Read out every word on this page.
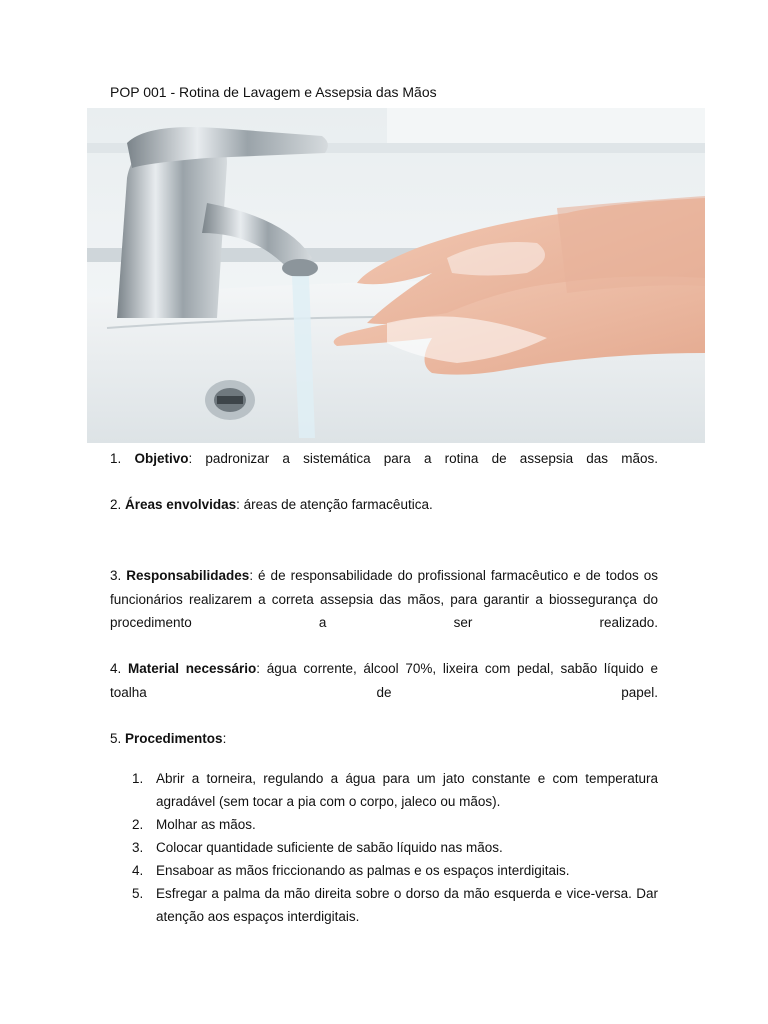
POP 001 - Rotina de Lavagem e Assepsia das Mãos
1. Objetivo: padronizar a sistemática para a rotina de assepsia das mãos.
2. Áreas envolvidas: áreas de atenção farmacêutica.
3. Responsabilidades: é de responsabilidade do profissional farmacêutico e de todos os funcionários realizarem a correta assepsia das mãos, para garantir a biossegurança do procedimento a ser realizado.
4. Material necessário: água corrente, álcool 70%, lixeira com pedal, sabão líquido e toalha de papel.
5. Procedimentos:
1. Abrir a torneira, regulando a água para um jato constante e com temperatura agradável (sem tocar a pia com o corpo, jaleco ou mãos).
2. Molhar as mãos.
3. Colocar quantidade suficiente de sabão líquido nas mãos.
4. Ensaboar as mãos friccionando as palmas e os espaços interdigitais.
5. Esfregar a palma da mão direita sobre o dorso da mão esquerda e vice-versa. Dar atenção aos espaços interdigitais.
